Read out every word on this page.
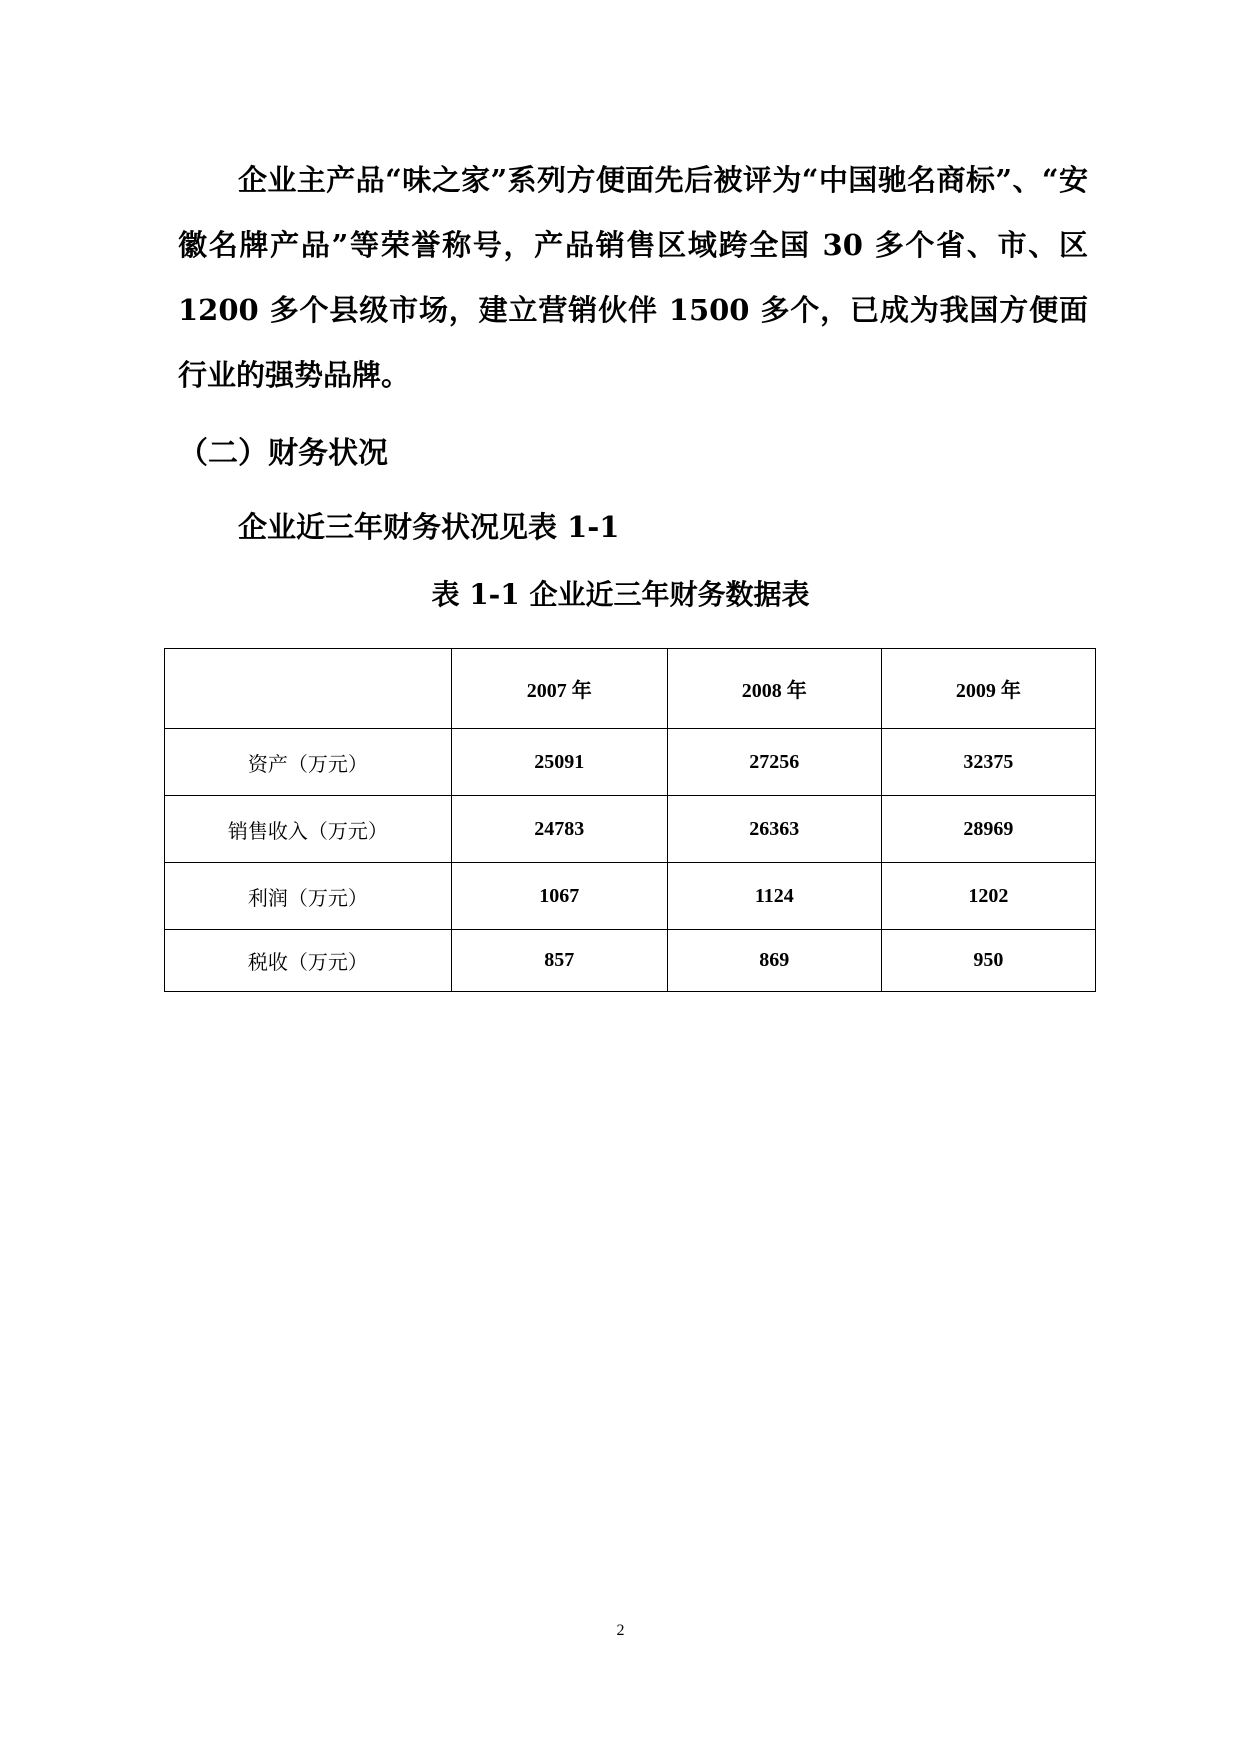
企业主产品“味之家”系列方便面先后被评为“中国驰名商标”、“安徽名牌产品”等荣誉称号，产品销售区域跨全国 30 多个省、市、区1200 多个县级市场，建立营销伙伴 1500 多个，已成为我国方便面行业的强势品牌。

（二）财务状况

企业近三年财务状况见表 1-1

表 1-1 企业近三年财务数据表

	2007 年	2008 年	2009 年
资产（万元）	25091	27256	32375
销售收入（万元）	24783	26363	28969
利润（万元）	1067	1124	1202
税收（万元）	857	869	950
2
